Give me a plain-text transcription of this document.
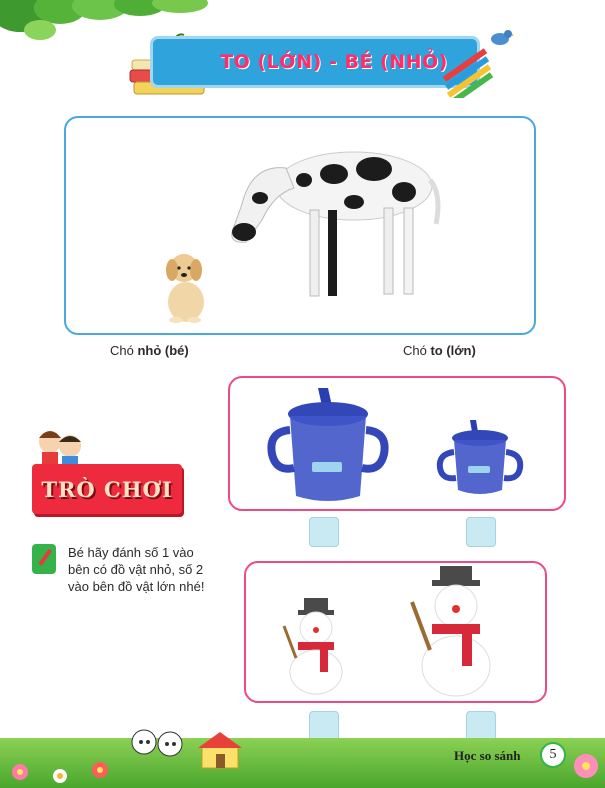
TO (LỚN) - BÉ (NHỎ)
Chó nhỏ (bé)	Chó to (lớn)
TRÒ CHƠI
Bé hãy đánh số 1 vào bên có đồ vật nhỏ, số 2 vào bên đồ vật lớn nhé!
Học so sánh	5
